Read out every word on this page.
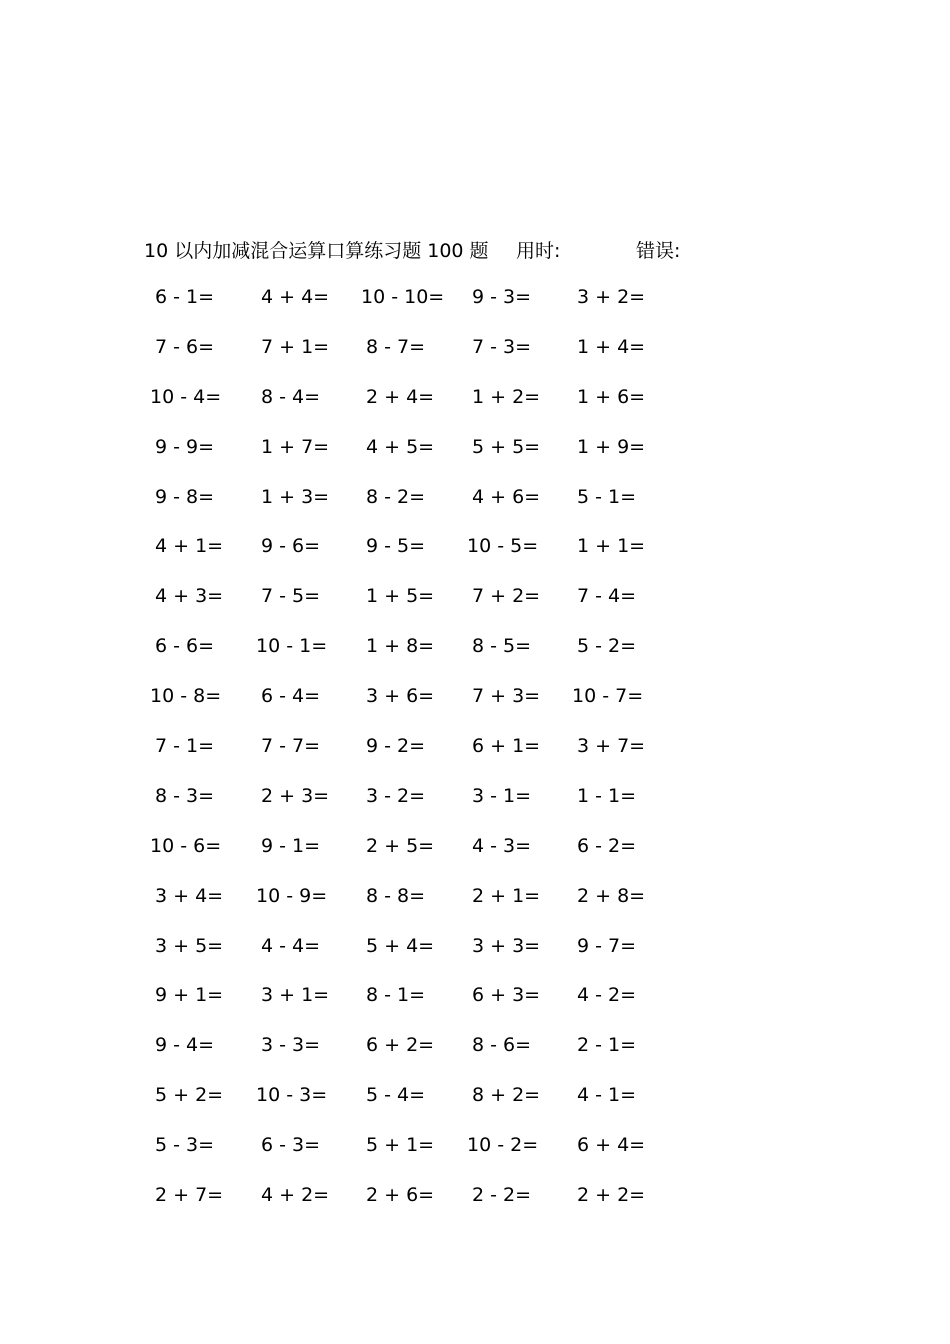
10 以内加减混合运算口算练习题 100 题 用时:	错误:
6 - 1= 4 + 4= 10 - 10= 9 - 3= 3 + 2=
7 - 6= 7 + 1= 8 - 7= 7 - 3= 1 + 4=
10 - 4= 8 - 4= 2 + 4= 1 + 2= 1 + 6=
9 - 9= 1 + 7= 4 + 5= 5 + 5= 1 + 9=
9 - 8= 1 + 3= 8 - 2= 4 + 6= 5 - 1=
4 + 1= 9 - 6= 9 - 5= 10 - 5= 1 + 1=
4 + 3= 7 - 5= 1 + 5= 7 + 2= 7 - 4=
6 - 6= 10 - 1= 1 + 8= 8 - 5= 5 - 2=
10 - 8= 6 - 4= 3 + 6= 7 + 3= 10 - 7=
7 - 1= 7 - 7= 9 - 2= 6 + 1= 3 + 7=
8 - 3= 2 + 3= 3 - 2= 3 - 1= 1 - 1=
10 - 6= 9 - 1= 2 + 5= 4 - 3= 6 - 2=
3 + 4= 10 - 9= 8 - 8= 2 + 1= 2 + 8=
3 + 5= 4 - 4= 5 + 4= 3 + 3= 9 - 7=
9 + 1= 3 + 1= 8 - 1= 6 + 3= 4 - 2=
9 - 4= 3 - 3= 6 + 2= 8 - 6= 2 - 1=
5 + 2= 10 - 3= 5 - 4= 8 + 2= 4 - 1=
5 - 3= 6 - 3= 5 + 1= 10 - 2= 6 + 4=
2 + 7= 4 + 2= 2 + 6= 2 - 2= 2 + 2=
